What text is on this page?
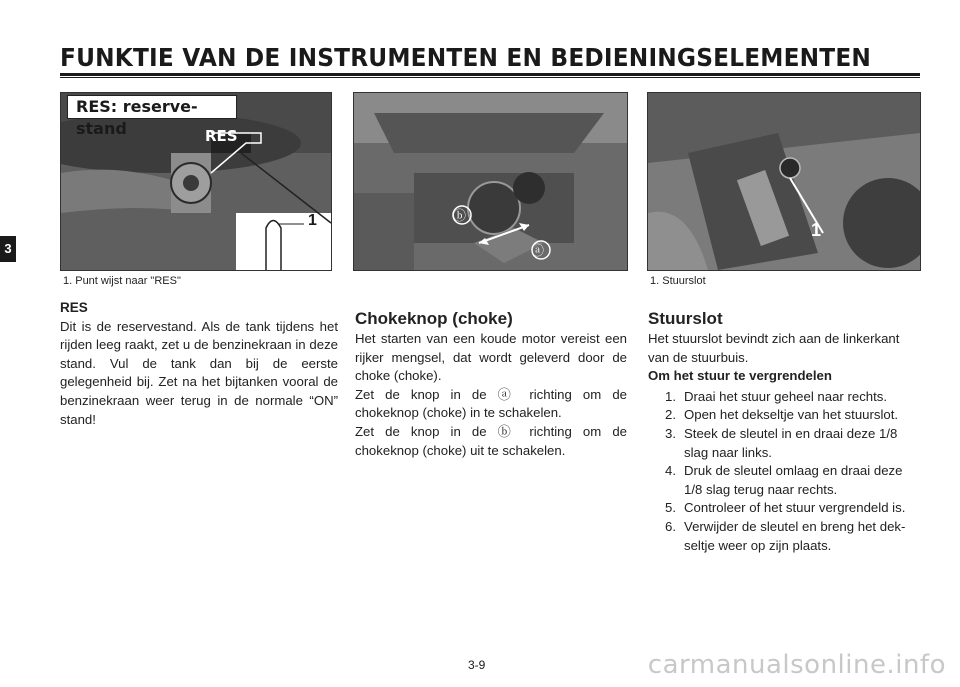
FUNKTIE VAN DE INSTRUMENTEN EN BEDIENINGSELEMENTEN
3
RES: reserve-stand	RES
1
1. Punt wijst naar "RES"
ⓑ
ⓐ
1
1. Stuurslot

RES

Dit is de reservestand. Als de tank tijdens het rijden leeg raakt, zet u de benzinekraan in deze stand. Vul de tank dan bij de eerste gelegenheid bij. Zet na het bijtanken vooral de benzinekraan weer terug in de normale “ON” stand!

Chokeknop (choke)

Het starten van een koude motor vereist een rijker mengsel, dat wordt geleverd door de choke (choke).

Zet de knop in de ⓐ richting om de chokeknop (choke) in te schakelen.

Zet de knop in de ⓑ richting om de chokeknop (choke) uit te schakelen.

Stuurslot

Het stuurslot bevindt zich aan de linkerkant van de stuurbuis.

Om het stuur te vergrendelen

1. Draai het stuur geheel naar rechts.
2. Open het dekseltje van het stuurslot.
3. Steek de sleutel in en draai deze 1/8 slag naar links.
4. Druk de sleutel omlaag en draai deze 1/8 slag terug naar rechts.
5. Controleer of het stuur vergrendeld is.
6. Verwijder de sleutel en breng het dek-seltje weer op zijn plaats.
3-9	carmanualsonline.info
